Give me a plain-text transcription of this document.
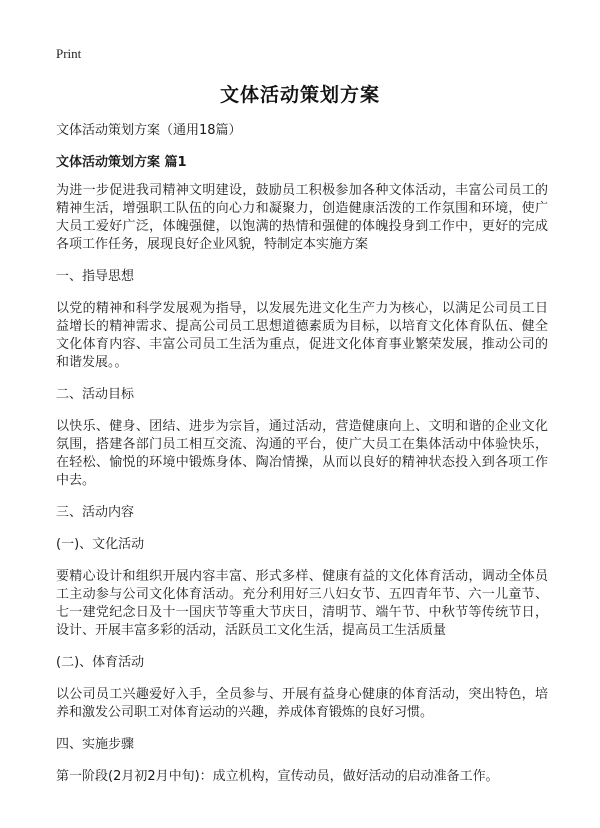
Print
文体活动策划方案

文体活动策划方案（通用18篇）

文体活动策划方案 篇1

为进一步促进我司精神文明建设，鼓励员工积极参加各种文体活动，丰富公司员工的精神生活，增强职工队伍的向心力和凝聚力，创造健康活泼的工作氛围和环境，使广大员工爱好广泛，体魄强健，以饱满的热情和强健的体魄投身到工作中，更好的完成各项工作任务，展现良好企业风貌，特制定本实施方案

一、指导思想

以党的精神和科学发展观为指导，以发展先进文化生产力为核心，以满足公司员工日益增长的精神需求、提高公司员工思想道德素质为目标，以培育文化体育队伍、健全文化体育内容、丰富公司员工生活为重点，促进文化体育事业繁荣发展，推动公司的和谐发展。。

二、活动目标

以快乐、健身、团结、进步为宗旨，通过活动，营造健康向上、文明和谐的企业文化氛围，搭建各部门员工相互交流、沟通的平台，使广大员工在集体活动中体验快乐，在轻松、愉悦的环境中锻炼身体、陶冶情操，从而以良好的精神状态投入到各项工作中去。

三、活动内容

(一)、文化活动

要精心设计和组织开展内容丰富、形式多样、健康有益的文化体育活动，调动全体员工主动参与公司文化体育活动。充分利用好三八妇女节、五四青年节、六一儿童节、七一建党纪念日及十一国庆节等重大节庆日，清明节、端午节、中秋节等传统节日，设计、开展丰富多彩的活动，活跃员工文化生活，提高员工生活质量

(二)、体育活动

以公司员工兴趣爱好入手，全员参与、开展有益身心健康的体育活动，突出特色，培养和激发公司职工对体育运动的兴趣，养成体育锻炼的良好习惯。

四、实施步骤

第一阶段(2月初2月中旬)：成立机构，宣传动员，做好活动的启动准备工作。
